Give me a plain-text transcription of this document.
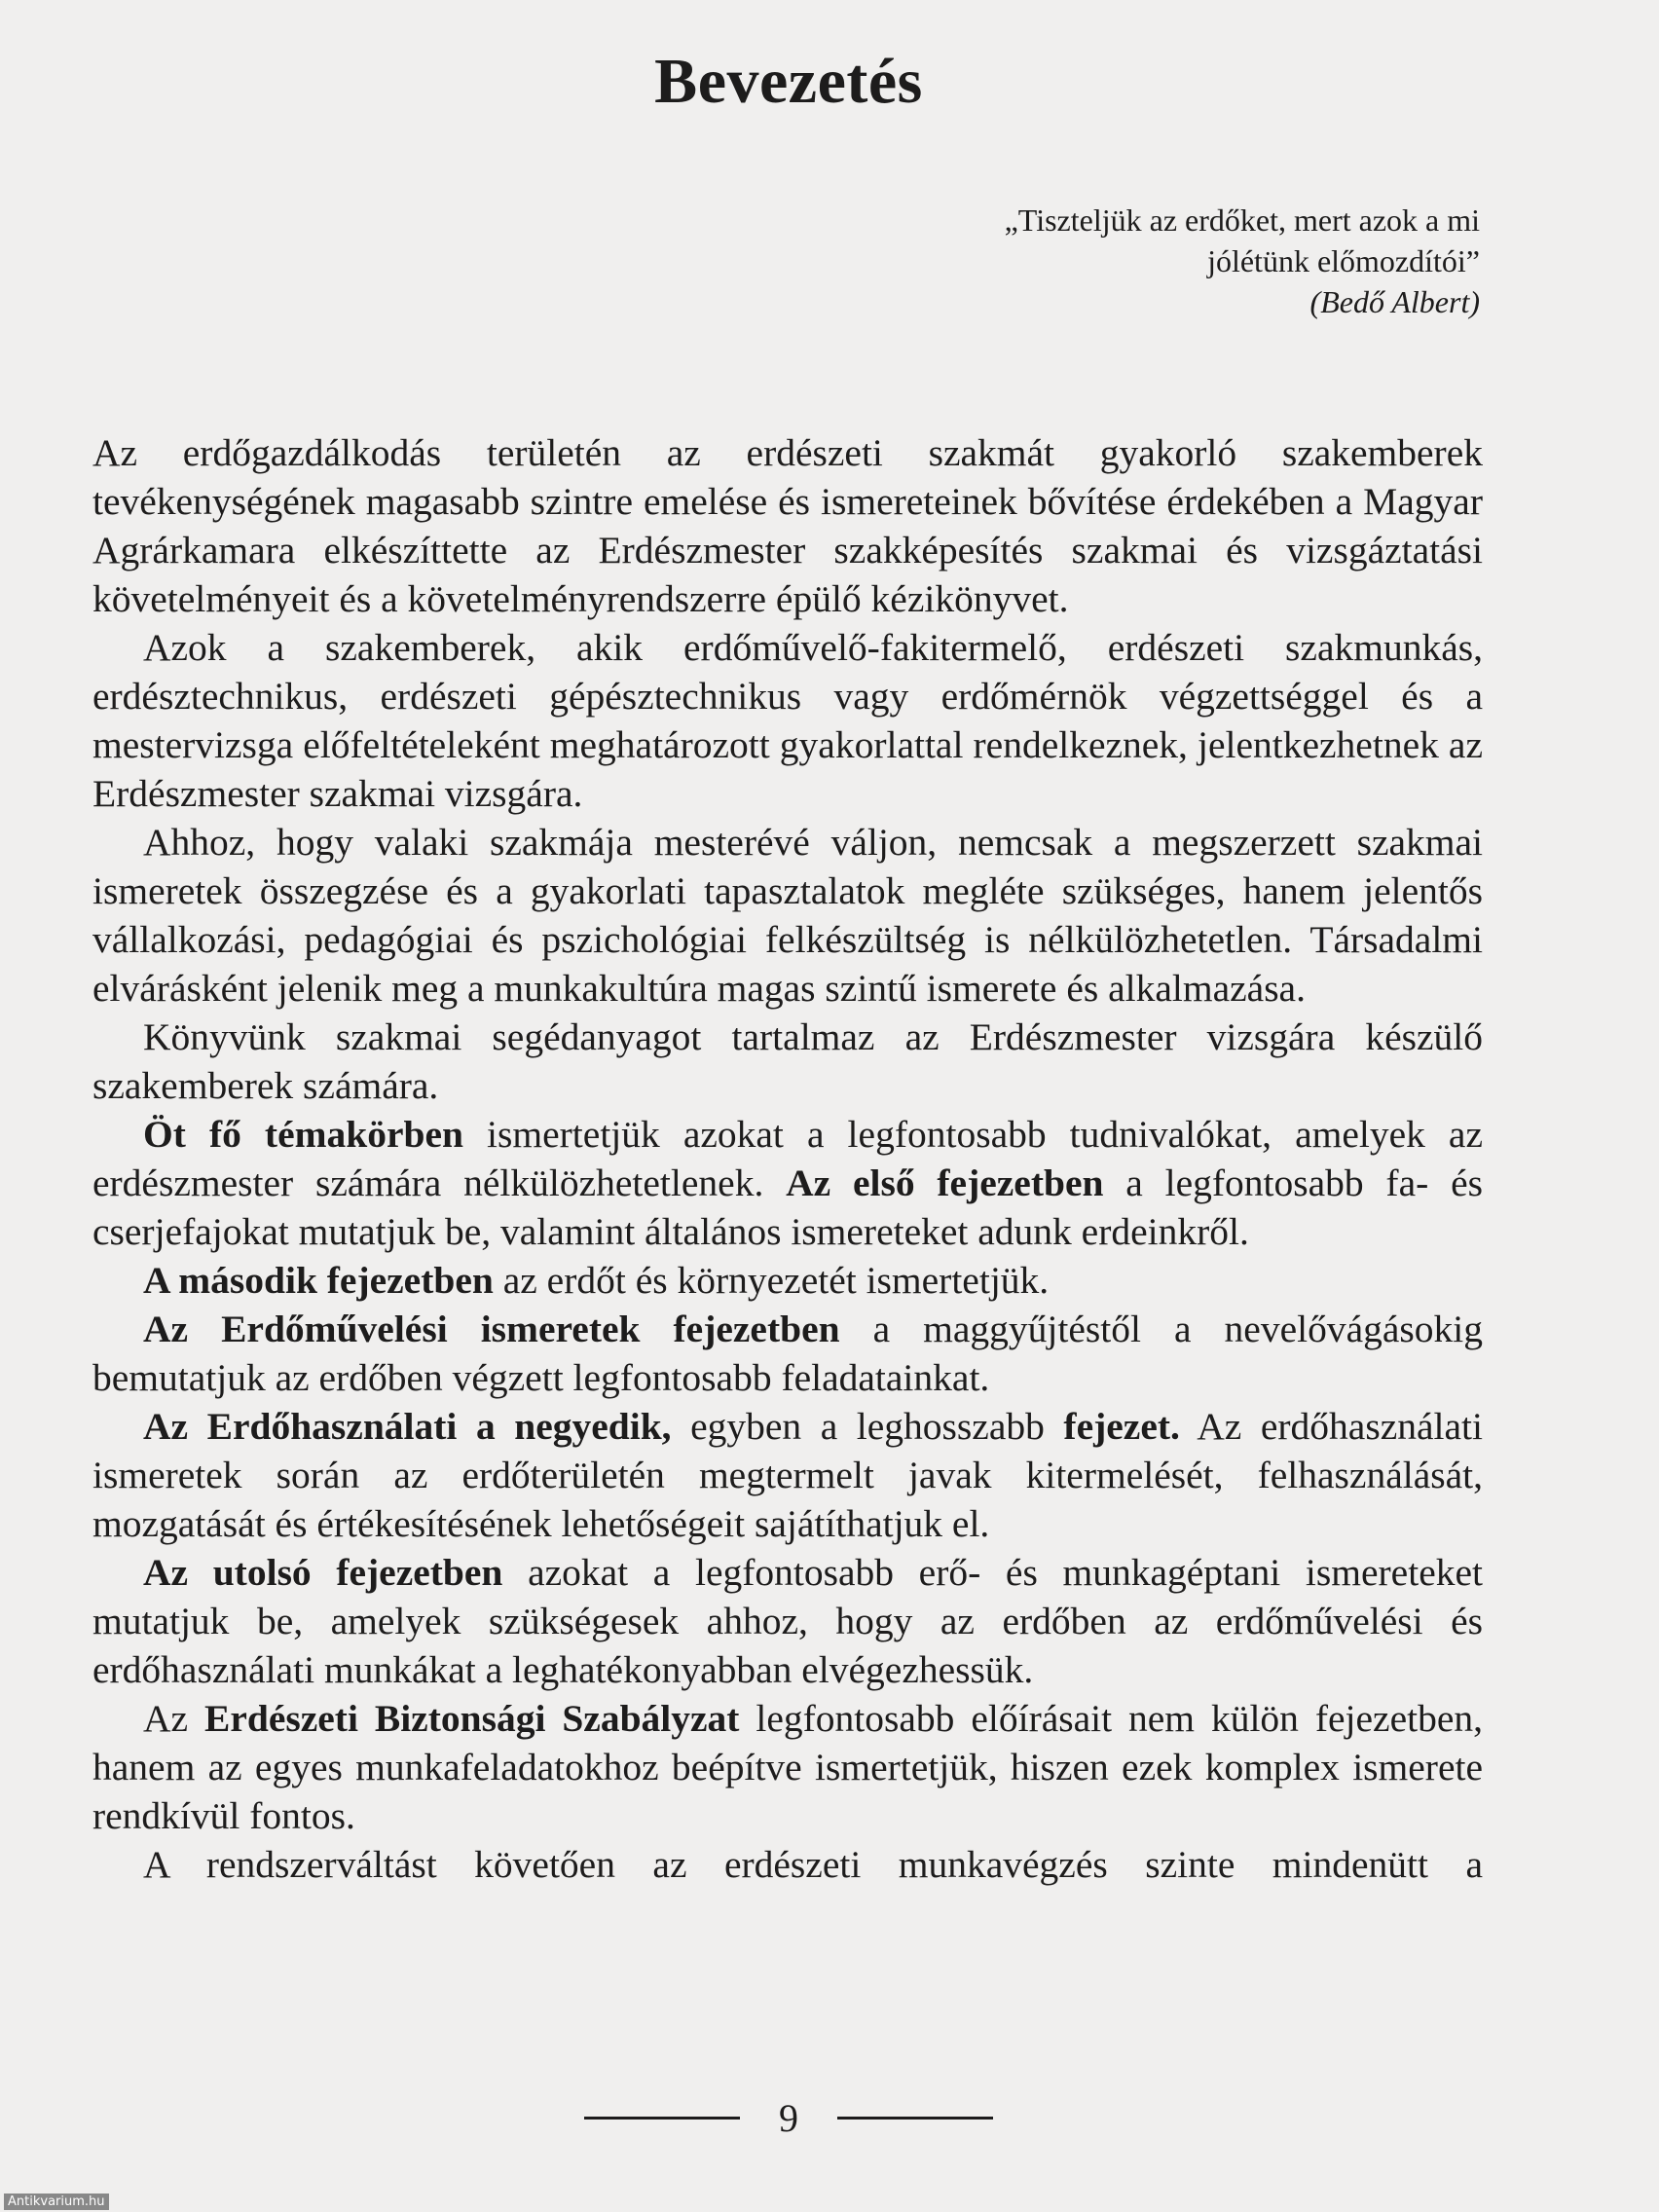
Bevezetés
„Tiszteljük az erdőket, mert azok a mi
jólétünk előmozdítói”
(Bedő Albert)

Az erdőgazdálkodás területén az erdészeti szakmát gyakorló szakemberek tevékenységének magasabb szintre emelése és ismereteinek bővítése érdekében a Magyar Agrárkamara elkészíttette az Erdészmester szakképesítés szakmai és vizsgáztatási követelményeit és a követelményrendszerre épülő kézikönyvet.

Azok a szakemberek, akik erdőművelő-fakitermelő, erdészeti szakmunkás, erdésztechnikus, erdészeti gépésztechnikus vagy erdőmérnök végzettséggel és a mestervizsga előfeltételeként meghatározott gyakorlattal rendelkeznek, jelentkezhetnek az Erdészmester szakmai vizsgára.

Ahhoz, hogy valaki szakmája mesterévé váljon, nemcsak a megszerzett szakmai ismeretek összegzése és a gyakorlati tapasztalatok megléte szükséges, hanem jelentős vállalkozási, pedagógiai és pszichológiai felkészültség is nélkülözhetetlen. Társadalmi elvárásként jelenik meg a munkakultúra magas szintű ismerete és alkalmazása.

Könyvünk szakmai segédanyagot tartalmaz az Erdészmester vizsgára készülő szakemberek számára.

Öt fő témakörben ismertetjük azokat a legfontosabb tudnivalókat, amelyek az erdészmester számára nélkülözhetetlenek. Az első fejezetben a legfontosabb fa- és cserjefajokat mutatjuk be, valamint általános ismereteket adunk erdeinkről.

A második fejezetben az erdőt és környezetét ismertetjük.

Az Erdőművelési ismeretek fejezetben a maggyűjtéstől a nevelővágásokig bemutatjuk az erdőben végzett legfontosabb feladatainkat.

Az Erdőhasználati a negyedik, egyben a leghosszabb fejezet. Az erdőhasználati ismeretek során az erdőterületén megtermelt javak kitermelését, felhasználását, mozgatását és értékesítésének lehetőségeit sajátíthatjuk el.

Az utolsó fejezetben azokat a legfontosabb erő- és munkagéptani ismereteket mutatjuk be, amelyek szükségesek ahhoz, hogy az erdőben az erdőművelési és erdőhasználati munkákat a leghatékonyabban elvégezhessük.

Az Erdészeti Biztonsági Szabályzat legfontosabb előírásait nem külön fejezetben, hanem az egyes munkafeladatokhoz beépítve ismertetjük, hiszen ezek komplex ismerete rendkívül fontos.

A rendszerváltást követően az erdészeti munkavégzés szinte mindenütt a

9
Antikvarium.hu
